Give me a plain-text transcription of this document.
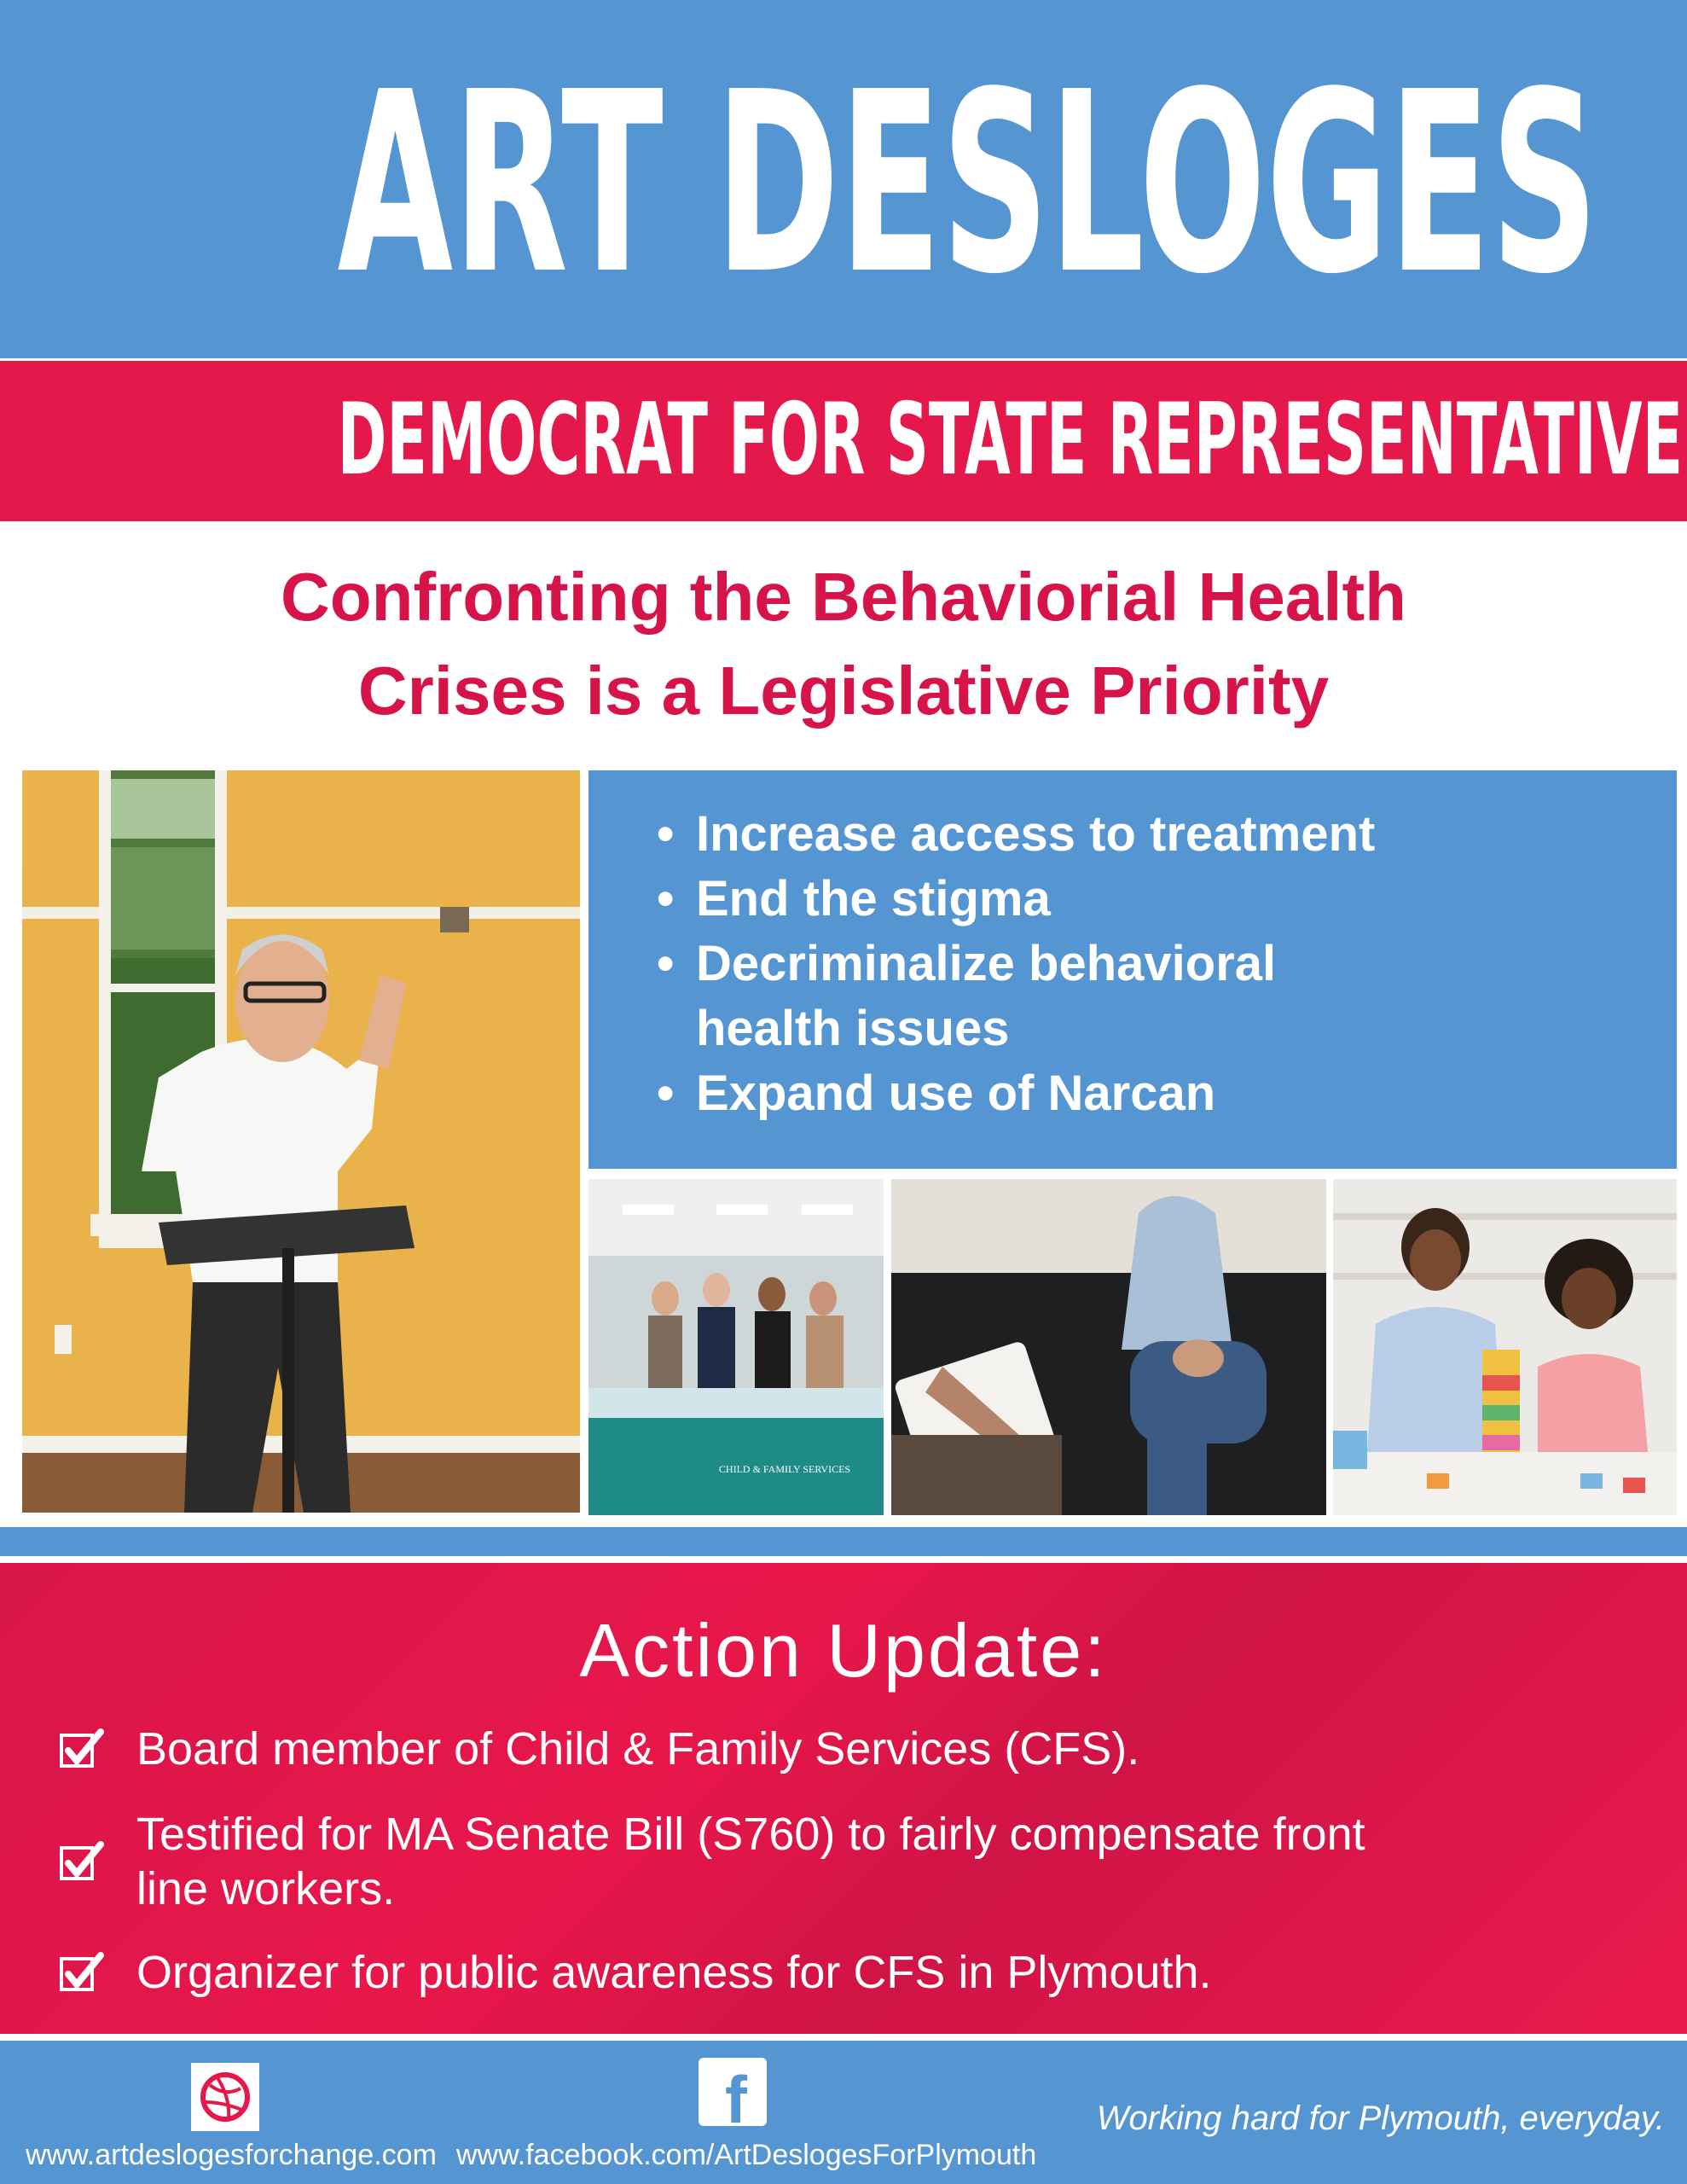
ART DESLOGES
DEMOCRAT FOR STATE REPRESENTATIVE
Confronting the Behaviorial Health
Crises is a Legislative Priority
• Increase access to treatment
• End the stigma
• Decriminalize behavioral
health issues
• Expand use of Narcan
CHILD & FAMILY SERVICES
Action Update:
Board member of Child & Family Services (CFS).
Testified for MA Senate Bill (S760) to fairly compensate front
line workers.
Organizer for public awareness for CFS in Plymouth.
www.artdeslogesforchange.com
f
www.facebook.com/ArtDeslogesForPlymouth
Working hard for Plymouth, everyday.
